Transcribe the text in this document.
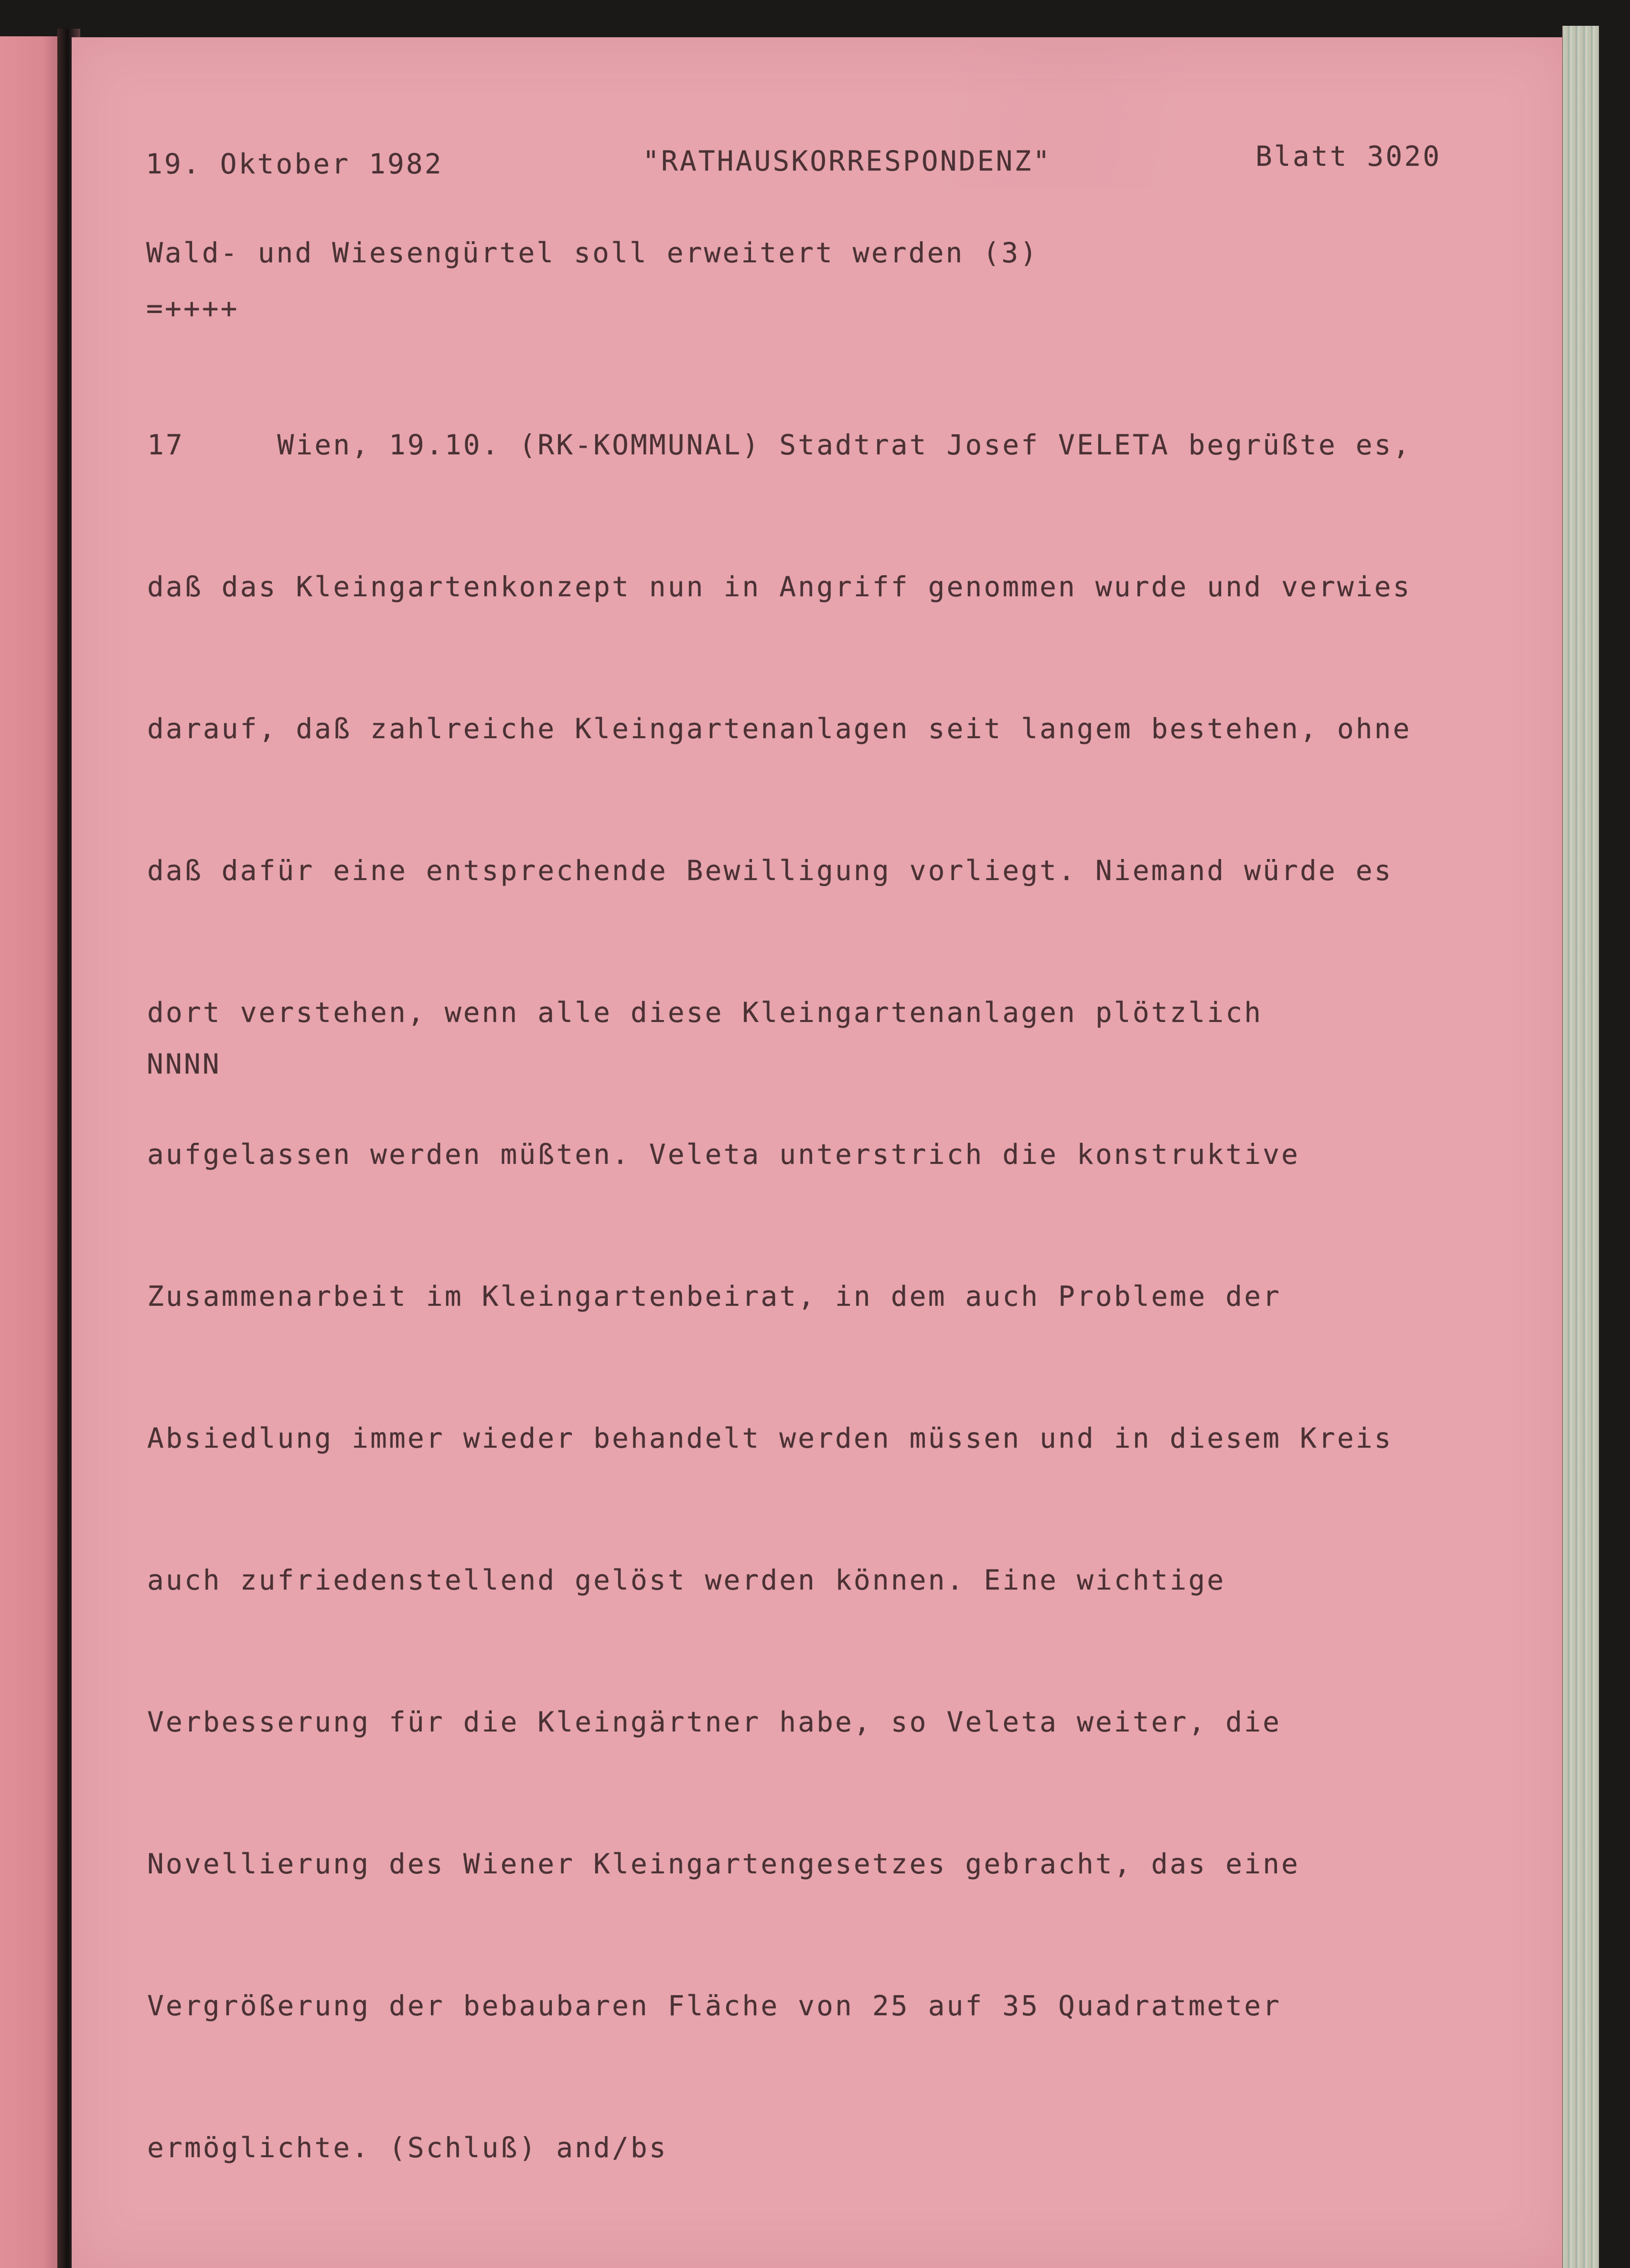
19. Oktober 1982	"RATHAUSKORRESPONDENZ"	Blatt 3020
Wald- und Wiesengürtel soll erweitert werden (3)
=++++

17     Wien, 19.10. (RK-KOMMUNAL) Stadtrat Josef VELETA begrüßte es,

daß das Kleingartenkonzept nun in Angriff genommen wurde und verwies

darauf, daß zahlreiche Kleingartenanlagen seit langem bestehen, ohne

daß dafür eine entsprechende Bewilligung vorliegt. Niemand würde es

dort verstehen, wenn alle diese Kleingartenanlagen plötzlich

aufgelassen werden müßten. Veleta unterstrich die konstruktive

Zusammenarbeit im Kleingartenbeirat, in dem auch Probleme der

Absiedlung immer wieder behandelt werden müssen und in diesem Kreis

auch zufriedenstellend gelöst werden können. Eine wichtige

Verbesserung für die Kleingärtner habe, so Veleta weiter, die

Novellierung des Wiener Kleingartengesetzes gebracht, das eine

Vergrößerung der bebaubaren Fläche von 25 auf 35 Quadratmeter

ermöglichte. (Schluß) and/bs

NNNN
